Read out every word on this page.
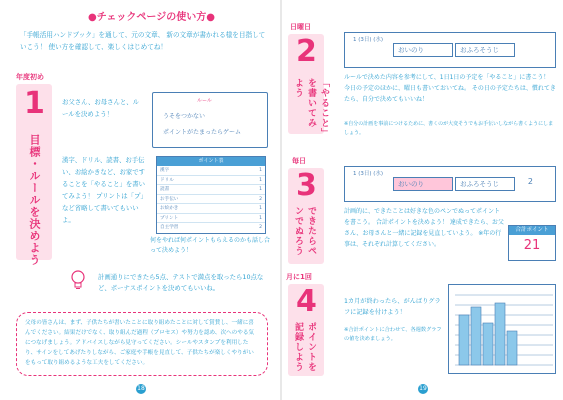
●チェックページの使い方●
「手帳活用ハンドブック」を通して、元の文章、 新の文章が書かれる様を目指していこう！ 使い方を確認して、楽しくはじめてね！
年度初め
1
目標・ルールを決めよう
お父さん、お母さんと、ルールを決めよう！
ルール
うそをつかない
ポイントがたまったらゲーム
漢字、ドリル、読書、お手伝い、お絵かきなど、お家ですることを「やること」を書いてみよう！ プリントは「プ」など省略して書いてもいいよ。
ポイント表
漢字	1
ドリル	1
読書	1
お手伝い	2
お絵かき	1
プリント	1
自主学習	2
何をやれば何ポイントもらえるのかも話し合って決めよう！
計画通りにできたら5点、テストで満点を取ったら10点など、ボーナスポイントを決めてもいいね。
父母の皆さんは、まず、子供たちが書いたことに取り組めたことに対して賞賛し、一緒に喜んでください。結果だけでなく、取り組んだ過程（プロセス）や努力を認め、次へのやる気につなげましょう。アドバイスしながら見守ってください。シールやスタンプを利用したり、サインをしてあげたりしながら、ご家庭や手帳を見直して、子供たちが楽しくやりがいをもって取り組めるような工夫をしてください。
18
日曜日
2
「やること」を書いてみよう
1 (3日) (水)
おいのり	おふろそうじ
ルールで決めた内容を参考にして、1日1日の予定を「やること」に書こう！ 今日の予定のほかに、曜日も書いておいてね。 その日の予定たちは、慣れてきたら、自分で決めてもいいね！
※自分の計画を事前につけるために、書くのが大変そうでもお手伝いしながら書くようにしましょう。
毎日
3
できたらペンでぬろう
1 (3日) (水)
おいのり	おふろそうじ	2
計画的に、できたことは好きな色のペンでぬってポイントを書こう。 合計ポイントを決めよう！ 達成できたら、お父さん、お母さんと一緒に記録を見直していよう。 ※年の行事は、それぞれ計算してください。
合計ポイント
21
月に1回
4
ポイントを記録しよう
1カ月が終わったら、がんばりグラフに記録を付けよう！
※合計ポイントに合わせて、各週数グラフの値を決めましょう。
19
